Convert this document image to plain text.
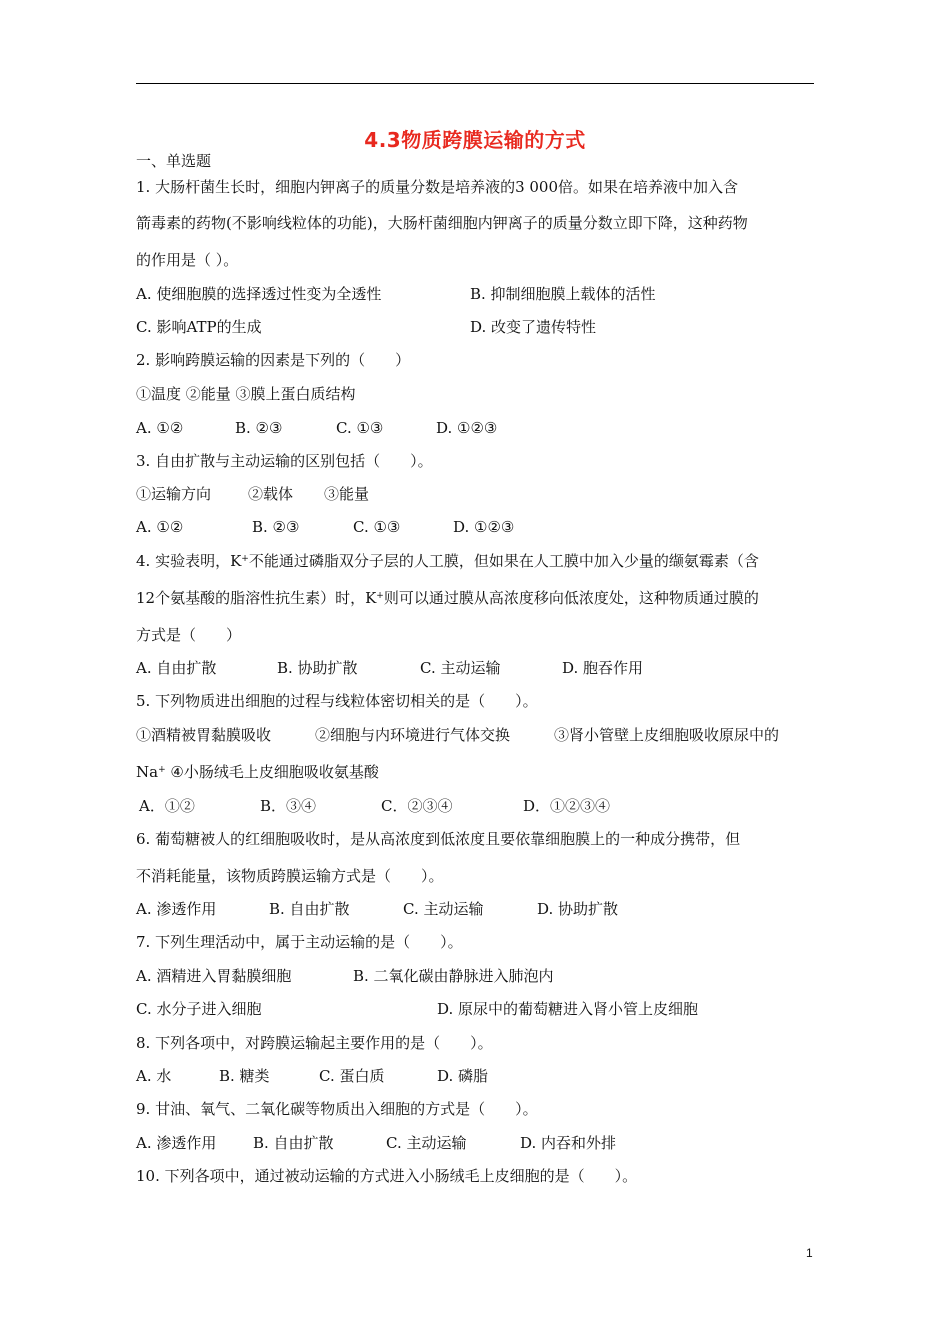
4.3物质跨膜运输的方式
一、单选题
1. 大肠杆菌生长时，细胞内钾离子的质量分数是培养液的3 000倍。如果在培养液中加入含
箭毒素的药物(不影响线粒体的功能)，大肠杆菌细胞内钾离子的质量分数立即下降，这种药物
的作用是（ ）。
A. 使细胞膜的选择透过性变为全透性	B. 抑制细胞膜上载体的活性
C. 影响ATP的生成	D. 改变了遗传特性
2. 影响跨膜运输的因素是下列的（　　）
①温度 ②能量 ③膜上蛋白质结构
A. ①②	B. ②③	C. ①③	D. ①②③
3. 自由扩散与主动运输的区别包括（　　）。
①运输方向 ②载体 ③能量
A. ①②	B. ②③	C. ①③	D. ①②③
4. 实验表明，K+不能通过磷脂双分子层的人工膜，但如果在人工膜中加入少量的缬氨霉素（含
12个氨基酸的脂溶性抗生素）时，K+则可以通过膜从高浓度移向低浓度处，这种物质通过膜的
方式是（　　）
A. 自由扩散	B. 协助扩散	C. 主动运输	D. 胞吞作用
5. 下列物质进出细胞的过程与线粒体密切相关的是（　　）。
①酒精被胃黏膜吸收	②细胞与内环境进行气体交换	③肾小管壁上皮细胞吸收原尿中的
Na+ ④小肠绒毛上皮细胞吸收氨基酸
A．①②	B．③④	C．②③④	D．①②③④
6. 葡萄糖被人的红细胞吸收时，是从高浓度到低浓度且要依靠细胞膜上的一种成分携带，但
不消耗能量，该物质跨膜运输方式是（　　）。
A. 渗透作用	B. 自由扩散	C. 主动运输	D. 协助扩散
7. 下列生理活动中，属于主动运输的是（　　）。
A. 酒精进入胃黏膜细胞	B. 二氧化碳由静脉进入肺泡内
C. 水分子进入细胞	D. 原尿中的葡萄糖进入肾小管上皮细胞
8. 下列各项中，对跨膜运输起主要作用的是（　　）。
A. 水	B. 糖类	C. 蛋白质	D. 磷脂
9. 甘油、氧气、二氧化碳等物质出入细胞的方式是（　　）。
A. 渗透作用 B. 自由扩散	C. 主动运输	D. 内吞和外排
10. 下列各项中，通过被动运输的方式进入小肠绒毛上皮细胞的是（　　）。
1
